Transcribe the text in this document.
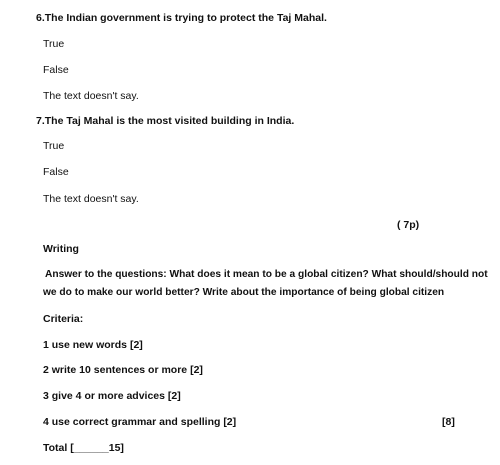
6.The Indian government is trying to protect the Taj Mahal.
True
False
The text doesn't say.
7.The Taj Mahal is the most visited building in India.
True
False
The text doesn't say.
( 7p)
Writing
Answer to the questions: What does it mean to be a global citizen? What should/should not
we do to make our world better? Write about the importance of being global citizen
Criteria:
1 use new words [2]
2 write 10 sentences or more [2]
3 give 4 or more advices [2]
4 use correct grammar and spelling [2]	[8]
Total [______15]
